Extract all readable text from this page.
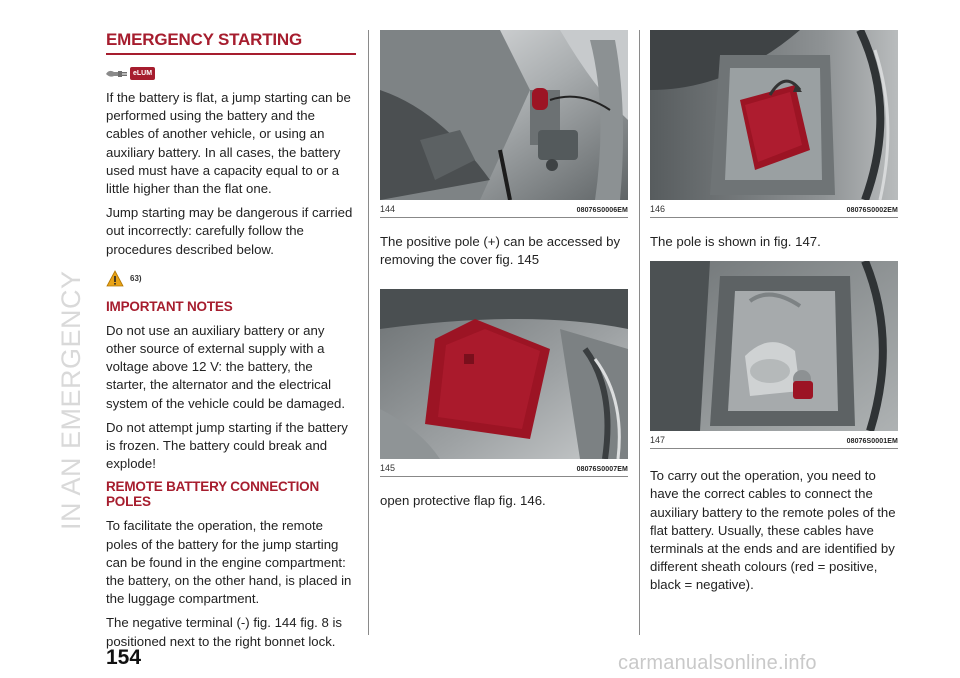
IN AN EMERGENCY
EMERGENCY STARTING
eLUM

If the battery is flat, a jump starting can be performed using the battery and the cables of another vehicle, or using an auxiliary battery. In all cases, the battery used must have a capacity equal to or a little higher than the flat one.

Jump starting may be dangerous if carried out incorrectly: carefully follow the procedures described below.

63)
IMPORTANT NOTES

Do not use an auxiliary battery or any other source of external supply with a voltage above 12 V: the battery, the starter, the alternator and the electrical system of the vehicle could be damaged.

Do not attempt jump starting if the battery is frozen. The battery could break and explode!

REMOTE BATTERY CONNECTION POLES

To facilitate the operation, the remote poles of the battery for the jump starting can be found in the engine compartment: the battery, on the other hand, is placed in the luggage compartment.

The negative terminal (-) fig. 144 fig. 8 is positioned next to the right bonnet lock.

144	08076S0006EM

The positive pole (+) can be accessed by removing the cover fig. 145

145	08076S0007EM

open protective flap fig. 146.

146	08076S0002EM

The pole is shown in fig. 147.

147	08076S0001EM

To carry out the operation, you need to have the correct cables to connect the auxiliary battery to the remote poles of the flat battery. Usually, these cables have terminals at the ends and are identified by different sheath colours (red = positive, black = negative).

154	carmanualsonline.info
